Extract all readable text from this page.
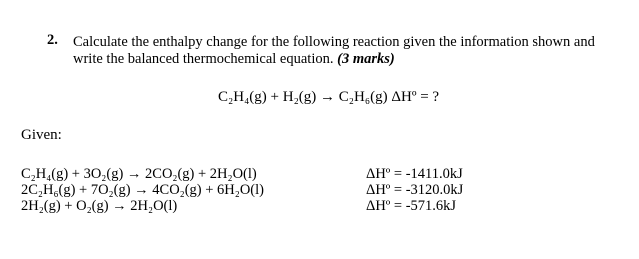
2. Calculate the enthalpy change for the following reaction given the information shown and
write the balanced thermochemical equation. (3 marks)
C₂H₄(g) + H₂(g) → C₂H₆(g) ΔHº = ?
Given:
C₂H₄(g) + 3O₂(g) → 2CO₂(g) + 2H₂O(l)	ΔHº = -1411.0kJ
2C₂H₆(g) + 7O₂(g) → 4CO₂(g) + 6H₂O(l)	ΔHº = -3120.0kJ
2H₂(g) + O₂(g) → 2H₂O(l)	ΔHº = -571.6kJ
